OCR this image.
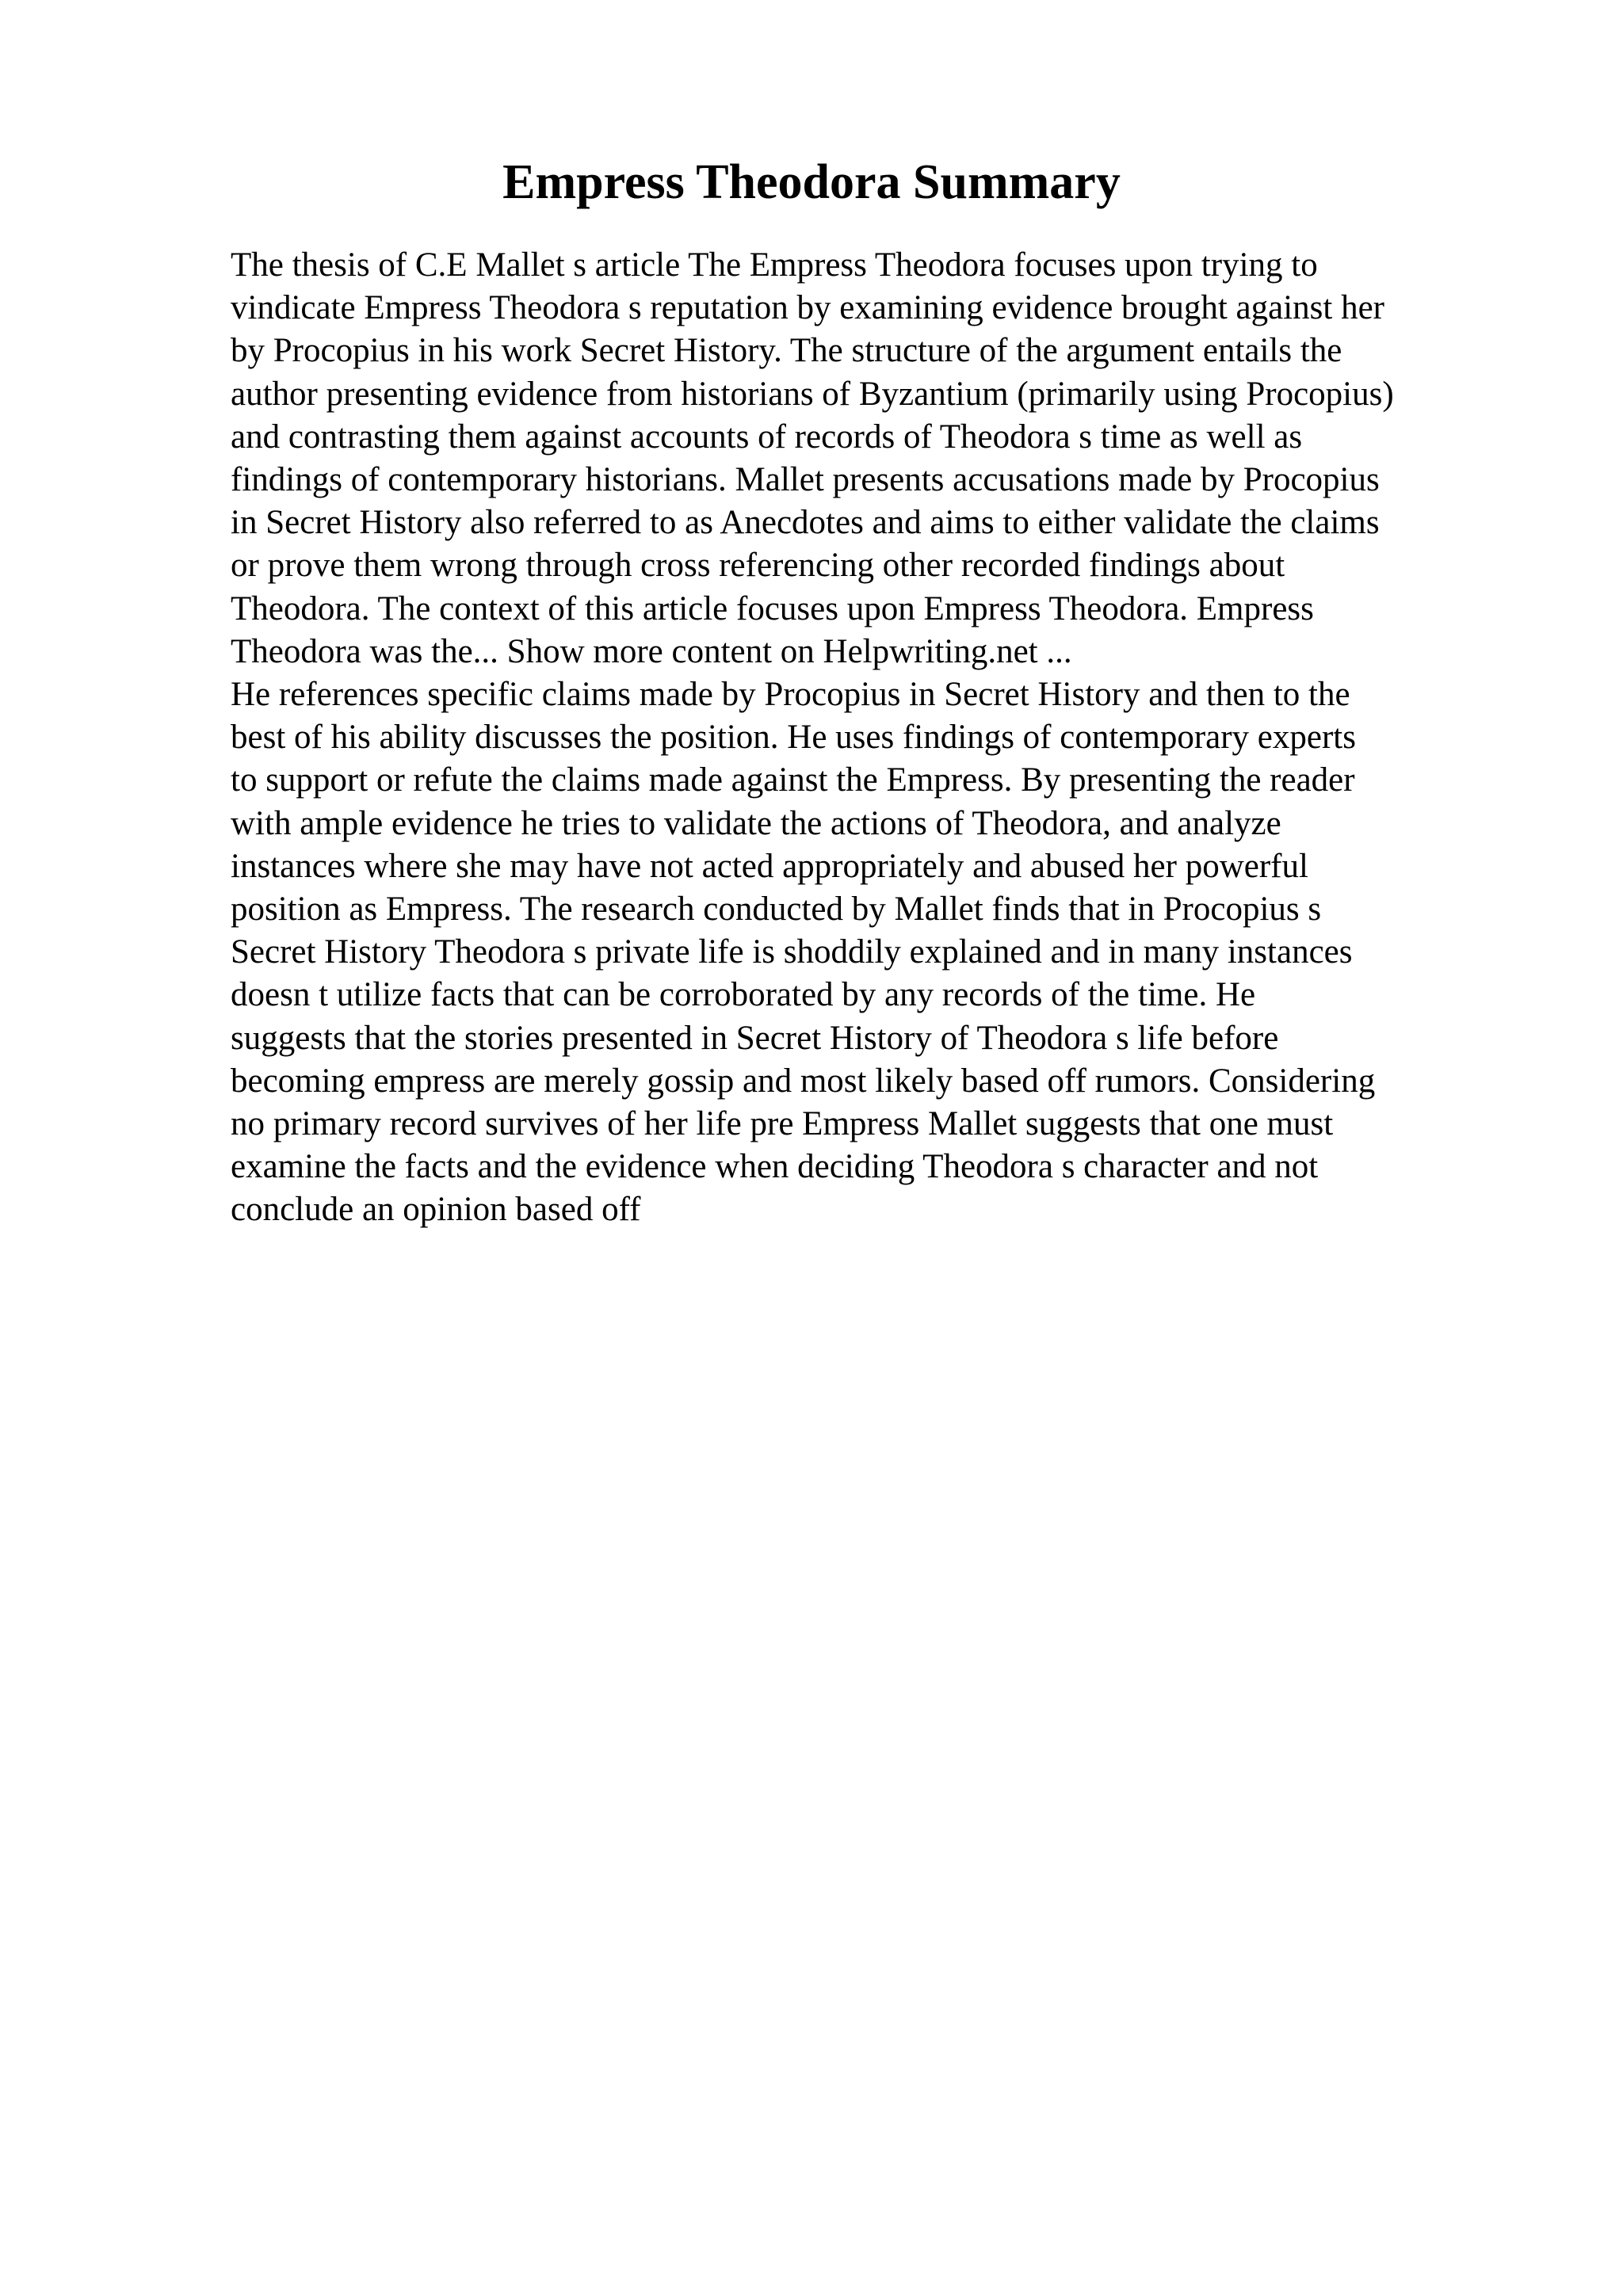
Empress Theodora Summary
The thesis of C.E Mallet s article The Empress Theodora focuses upon trying to
vindicate Empress Theodora s reputation by examining evidence brought against her
by Procopius in his work Secret History. The structure of the argument entails the
author presenting evidence from historians of Byzantium (primarily using Procopius)
and contrasting them against accounts of records of Theodora s time as well as
findings of contemporary historians. Mallet presents accusations made by Procopius
in Secret History also referred to as Anecdotes and aims to either validate the claims
or prove them wrong through cross referencing other recorded findings about
Theodora. The context of this article focuses upon Empress Theodora. Empress
Theodora was the... Show more content on Helpwriting.net ...
He references specific claims made by Procopius in Secret History and then to the
best of his ability discusses the position. He uses findings of contemporary experts
to support or refute the claims made against the Empress. By presenting the reader
with ample evidence he tries to validate the actions of Theodora, and analyze
instances where she may have not acted appropriately and abused her powerful
position as Empress. The research conducted by Mallet finds that in Procopius s
Secret History Theodora s private life is shoddily explained and in many instances
doesn t utilize facts that can be corroborated by any records of the time. He
suggests that the stories presented in Secret History of Theodora s life before
becoming empress are merely gossip and most likely based off rumors. Considering
no primary record survives of her life pre Empress Mallet suggests that one must
examine the facts and the evidence when deciding Theodora s character and not
conclude an opinion based off
